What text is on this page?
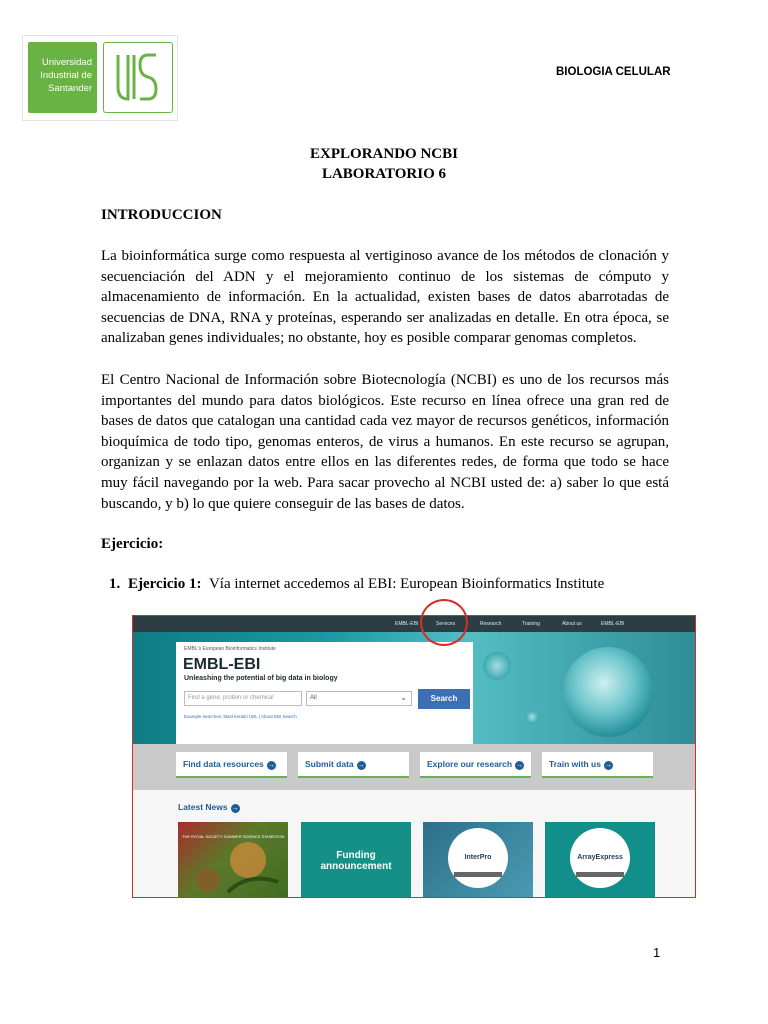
Universidad
Industrial de
Santander
BIOLOGIA CELULAR
EXPLORANDO NCBI
LABORATORIO 6
INTRODUCCION

La bioinformática surge como respuesta al vertiginoso avance de los métodos de clonación y secuenciación del ADN y el mejoramiento continuo de los sistemas de cómputo y almacenamiento de información. En la actualidad, existen bases de datos abarrotadas de secuencias de DNA, RNA y proteínas, esperando ser analizadas en detalle. En otra época, se analizaban genes individuales; no obstante, hoy es posible comparar genomas completos.

El Centro Nacional de Información sobre Biotecnología (NCBI) es uno de los recursos más importantes del mundo para datos biológicos. Este recurso en línea ofrece una gran red de bases de datos que catalogan una cantidad cada vez mayor de recursos genéticos, información bioquímica de todo tipo, genomas enteros, de virus a humanos. En este recurso se agrupan, organizan y se enlazan datos entre ellos en las diferentes redes, de forma que todo se hace muy fácil navegando por la web. Para sacar provecho al NCBI usted de: a) saber lo que está buscando, y b) lo que quiere conseguir de las bases de datos.

Ejercicio:
1. Ejercicio 1: Vía internet accedemos al EBI: European Bioinformatics Institute
EMBL-EBI	Services	Research	Training	About us	EMBL-EBI
EMBL's European Bioinformatics Institute
EMBL-EBI
Unleashing the potential of big data in biology
Find a gene, protein or chemical	All	⌄	Search
Example searches: blast keratin UEL | About EBI Search
Find data resources →	Submit data →	Explore our research →	Train with us →
Latest News →
THE ROYAL SOCIETY SUMMER SCIENCE EXHIBITION
Funding
announcement
InterPro	ArrayExpress
1
